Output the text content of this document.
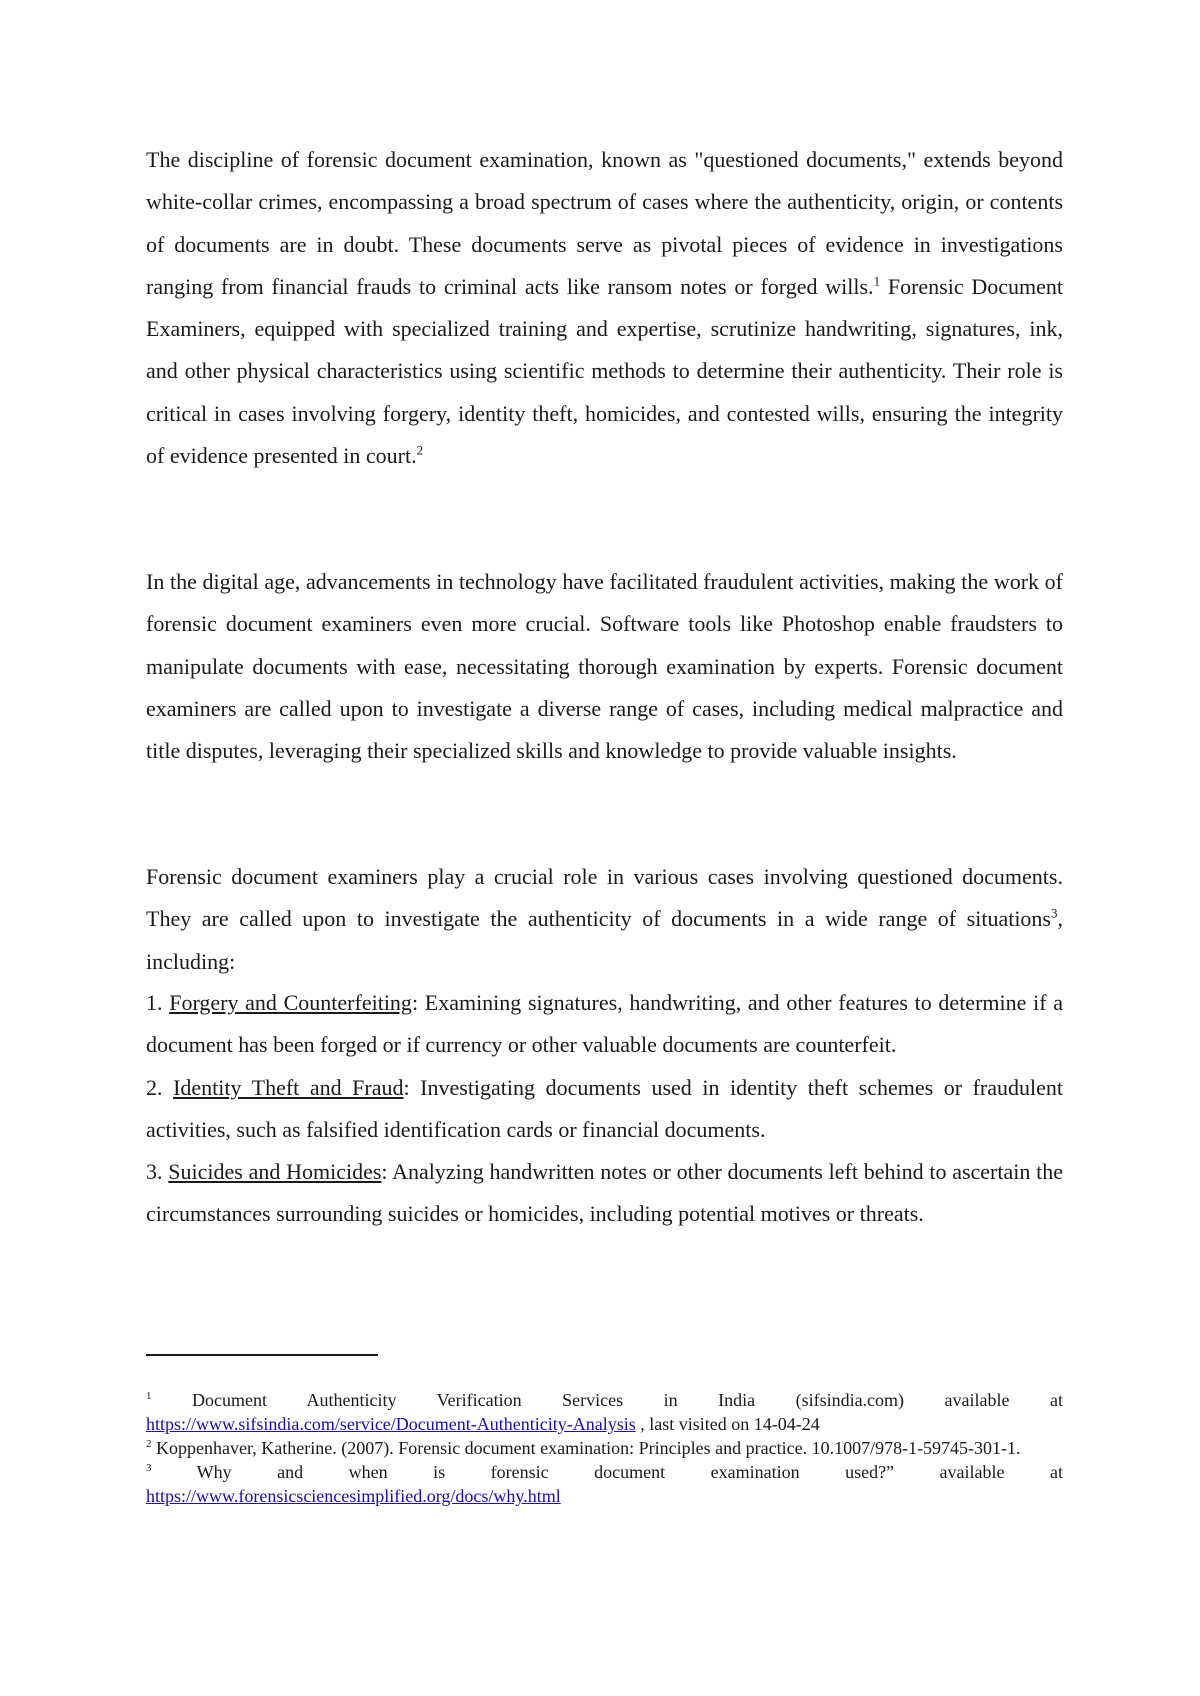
The discipline of forensic document examination, known as "questioned documents," extends beyond white-collar crimes, encompassing a broad spectrum of cases where the authenticity, origin, or contents of documents are in doubt. These documents serve as pivotal pieces of evidence in investigations ranging from financial frauds to criminal acts like ransom notes or forged wills.$^1$ Forensic Document Examiners, equipped with specialized training and expertise, scrutinize handwriting, signatures, ink, and other physical characteristics using scientific methods to determine their authenticity. Their role is critical in cases involving forgery, identity theft, homicides, and contested wills, ensuring the integrity of evidence presented in court.$^2$

In the digital age, advancements in technology have facilitated fraudulent activities, making the work of forensic document examiners even more crucial. Software tools like Photoshop enable fraudsters to manipulate documents with ease, necessitating thorough examination by experts. Forensic document examiners are called upon to investigate a diverse range of cases, including medical malpractice and title disputes, leveraging their specialized skills and knowledge to provide valuable insights.

Forensic document examiners play a crucial role in various cases involving questioned documents. They are called upon to investigate the authenticity of documents in a wide range of situations$^3$, including:

1. Forgery and Counterfeiting: Examining signatures, handwriting, and other features to determine if a document has been forged or if currency or other valuable documents are counterfeit.

2. Identity Theft and Fraud: Investigating documents used in identity theft schemes or fraudulent activities, such as falsified identification cards or financial documents.

3. Suicides and Homicides: Analyzing handwritten notes or other documents left behind to ascertain the circumstances surrounding suicides or homicides, including potential motives or threats.

$^1$ Document Authenticity Verification Services in India (sifsindia.com) available at

https://www.sifsindia.com/service/Document-Authenticity-Analysis , last visited on 14-04-24

$^2$ Koppenhaver, Katherine. (2007). Forensic document examination: Principles and practice. 10.1007/978-1-59745-301-1.

$^3$ Why and when is forensic document examination used?” available at

https://www.forensicsciencesimplified.org/docs/why.html
